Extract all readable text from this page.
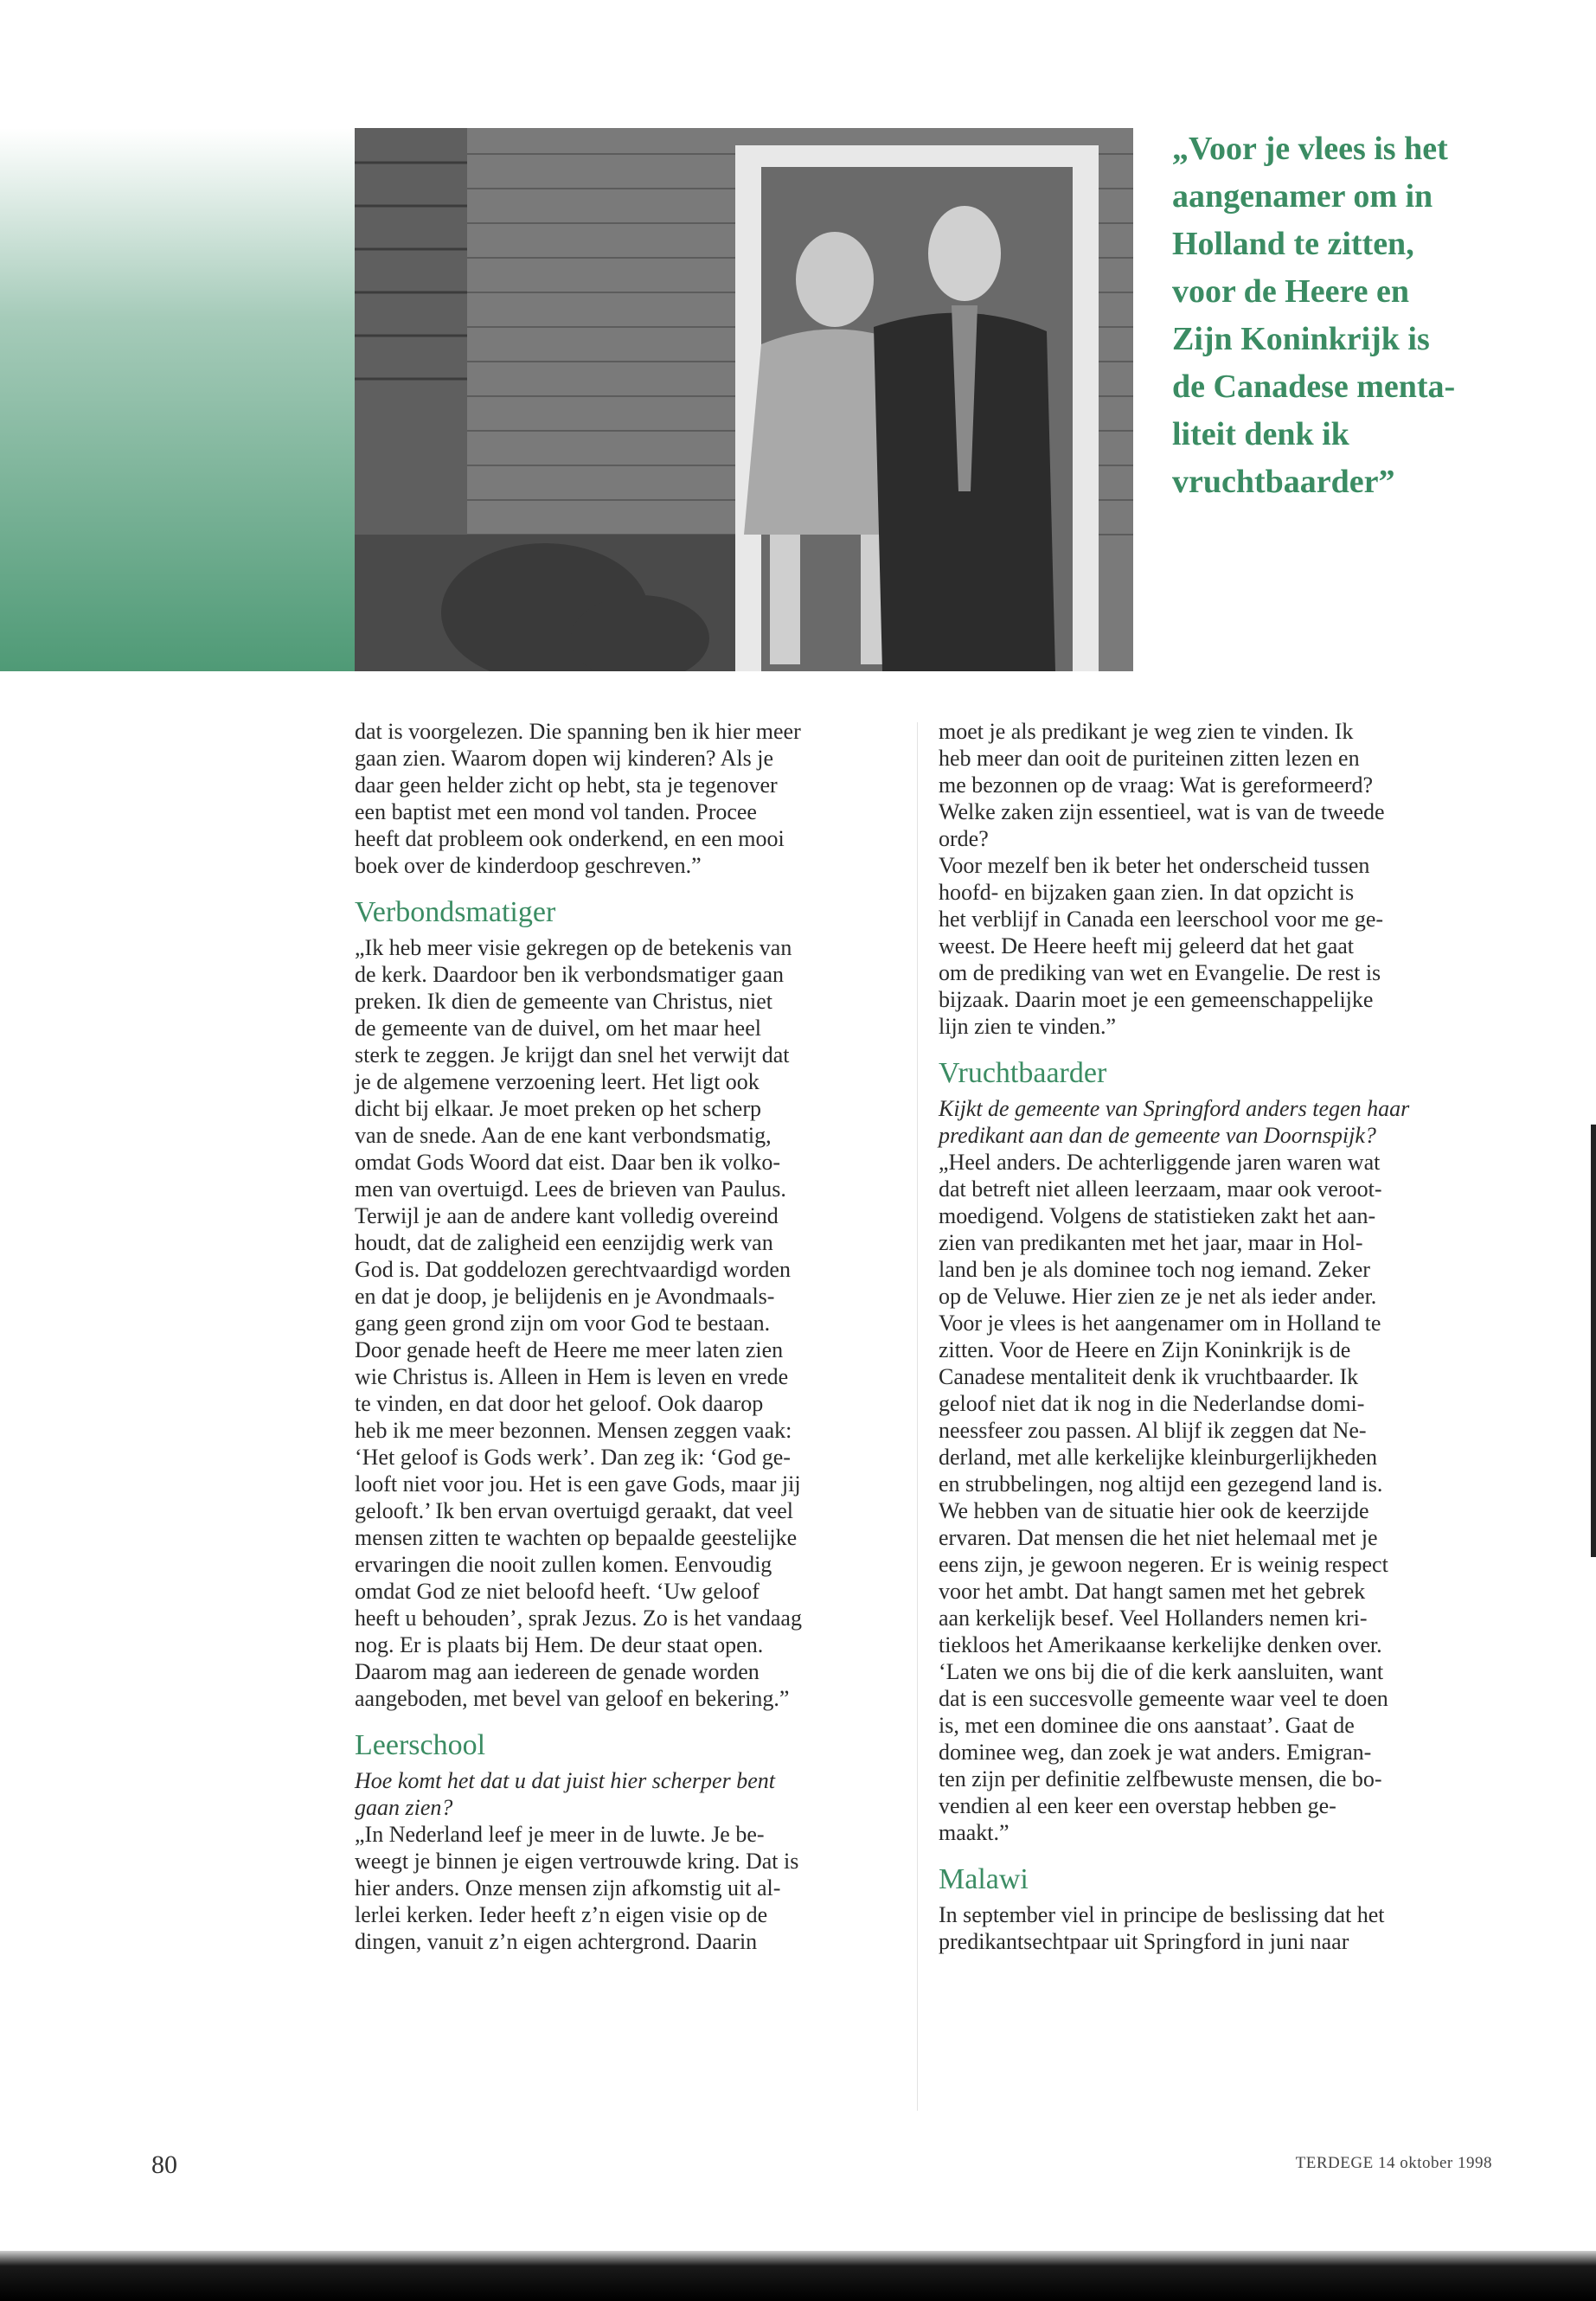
„Voor je vlees is het
aangenamer om in
Holland te zitten,
voor de Heere en
Zijn Koninkrijk is
de Canadese menta-
liteit denk ik
vruchtbaarder”
dat is voorgelezen. Die spanning ben ik hier meer
gaan zien. Waarom dopen wij kinderen? Als je
daar geen helder zicht op hebt, sta je tegenover
een baptist met een mond vol tanden. Procee
heeft dat probleem ook onderkend, en een mooi
boek over de kinderdoop geschreven.”
Verbondsmatiger
„Ik heb meer visie gekregen op de betekenis van
de kerk. Daardoor ben ik verbondsmatiger gaan
preken. Ik dien de gemeente van Christus, niet
de gemeente van de duivel, om het maar heel
sterk te zeggen. Je krijgt dan snel het verwijt dat
je de algemene verzoening leert. Het ligt ook
dicht bij elkaar. Je moet preken op het scherp
van de snede. Aan de ene kant verbondsmatig,
omdat Gods Woord dat eist. Daar ben ik volko-
men van overtuigd. Lees de brieven van Paulus.
Terwijl je aan de andere kant volledig overeind
houdt, dat de zaligheid een eenzijdig werk van
God is. Dat goddelozen gerechtvaardigd worden
en dat je doop, je belijdenis en je Avondmaals-
gang geen grond zijn om voor God te bestaan.
Door genade heeft de Heere me meer laten zien
wie Christus is. Alleen in Hem is leven en vrede
te vinden, en dat door het geloof. Ook daarop
heb ik me meer bezonnen. Mensen zeggen vaak:
‘Het geloof is Gods werk’. Dan zeg ik: ‘God ge-
looft niet voor jou. Het is een gave Gods, maar jij
gelooft.’ Ik ben ervan overtuigd geraakt, dat veel
mensen zitten te wachten op bepaalde geestelijke
ervaringen die nooit zullen komen. Eenvoudig
omdat God ze niet beloofd heeft. ‘Uw geloof
heeft u behouden’, sprak Jezus. Zo is het vandaag
nog. Er is plaats bij Hem. De deur staat open.
Daarom mag aan iedereen de genade worden
aangeboden, met bevel van geloof en bekering.”
Leerschool
Hoe komt het dat u dat juist hier scherper bent
gaan zien?
„In Nederland leef je meer in de luwte. Je be-
weegt je binnen je eigen vertrouwde kring. Dat is
hier anders. Onze mensen zijn afkomstig uit al-
lerlei kerken. Ieder heeft z’n eigen visie op de
dingen, vanuit z’n eigen achtergrond. Daarin
moet je als predikant je weg zien te vinden. Ik
heb meer dan ooit de puriteinen zitten lezen en
me bezonnen op de vraag: Wat is gereformeerd?
Welke zaken zijn essentieel, wat is van de tweede
orde?
Voor mezelf ben ik beter het onderscheid tussen
hoofd- en bijzaken gaan zien. In dat opzicht is
het verblijf in Canada een leerschool voor me ge-
weest. De Heere heeft mij geleerd dat het gaat
om de prediking van wet en Evangelie. De rest is
bijzaak. Daarin moet je een gemeenschappelijke
lijn zien te vinden.”
Vruchtbaarder
Kijkt de gemeente van Springford anders tegen haar
predikant aan dan de gemeente van Doornspijk?
„Heel anders. De achterliggende jaren waren wat
dat betreft niet alleen leerzaam, maar ook veroot-
moedigend. Volgens de statistieken zakt het aan-
zien van predikanten met het jaar, maar in Hol-
land ben je als dominee toch nog iemand. Zeker
op de Veluwe. Hier zien ze je net als ieder ander.
Voor je vlees is het aangenamer om in Holland te
zitten. Voor de Heere en Zijn Koninkrijk is de
Canadese mentaliteit denk ik vruchtbaarder. Ik
geloof niet dat ik nog in die Nederlandse domi-
neessfeer zou passen. Al blijf ik zeggen dat Ne-
derland, met alle kerkelijke kleinburgerlijkheden
en strubbelingen, nog altijd een gezegend land is.
We hebben van de situatie hier ook de keerzijde
ervaren. Dat mensen die het niet helemaal met je
eens zijn, je gewoon negeren. Er is weinig respect
voor het ambt. Dat hangt samen met het gebrek
aan kerkelijk besef. Veel Hollanders nemen kri-
tiekloos het Amerikaanse kerkelijke denken over.
‘Laten we ons bij die of die kerk aansluiten, want
dat is een succesvolle gemeente waar veel te doen
is, met een dominee die ons aanstaat’. Gaat de
dominee weg, dan zoek je wat anders. Emigran-
ten zijn per definitie zelfbewuste mensen, die bo-
vendien al een keer een overstap hebben ge-
maakt.”
Malawi
In september viel in principe de beslissing dat het
predikantsechtpaar uit Springford in juni naar
80	TERDEGE 14 oktober 1998
